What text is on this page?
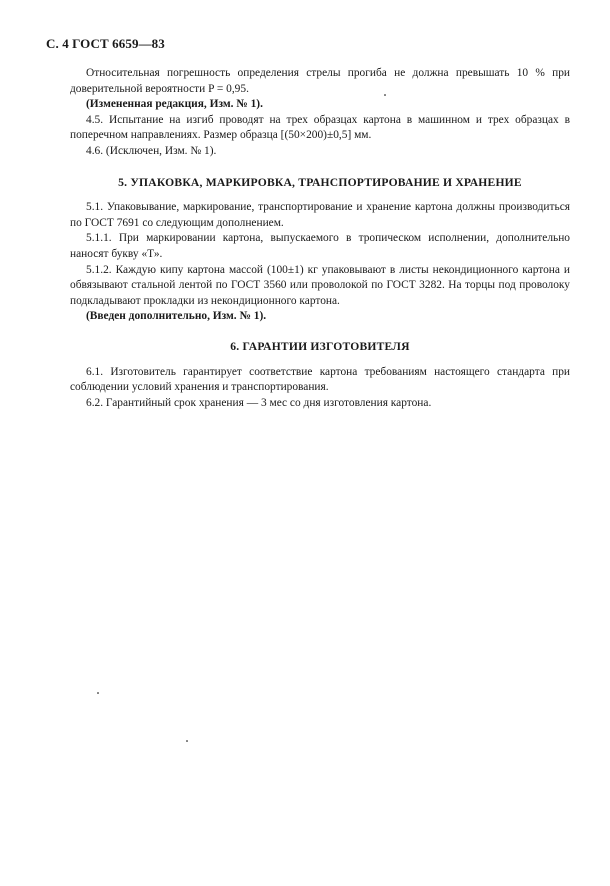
С. 4 ГОСТ 6659—83

Относительная погрешность определения стрелы прогиба не должна превышать 10 % при доверительной вероятности P = 0,95.

(Измененная редакция, Изм. № 1).

4.5. Испытание на изгиб проводят на трех образцах картона в машинном и трех образцах в поперечном направлениях. Размер образца [(50×200)±0,5] мм.

4.6. (Исключен, Изм. № 1).

5. УПАКОВКА, МАРКИРОВКА, ТРАНСПОРТИРОВАНИЕ И ХРАНЕНИЕ

5.1. Упаковывание, маркирование, транспортирование и хранение картона должны производиться по ГОСТ 7691 со следующим дополнением.

5.1.1. При маркировании картона, выпускаемого в тропическом исполнении, дополнительно наносят букву «Т».

5.1.2. Каждую кипу картона массой (100±1) кг упаковывают в листы некондиционного картона и обвязывают стальной лентой по ГОСТ 3560 или проволокой по ГОСТ 3282. На торцы под проволоку подкладывают прокладки из некондиционного картона.

(Введен дополнительно, Изм. № 1).

6. ГАРАНТИИ ИЗГОТОВИТЕЛЯ

6.1. Изготовитель гарантирует соответствие картона требованиям настоящего стандарта при соблюдении условий хранения и транспортирования.

6.2. Гарантийный срок хранения — 3 мес со дня изготовления картона.
